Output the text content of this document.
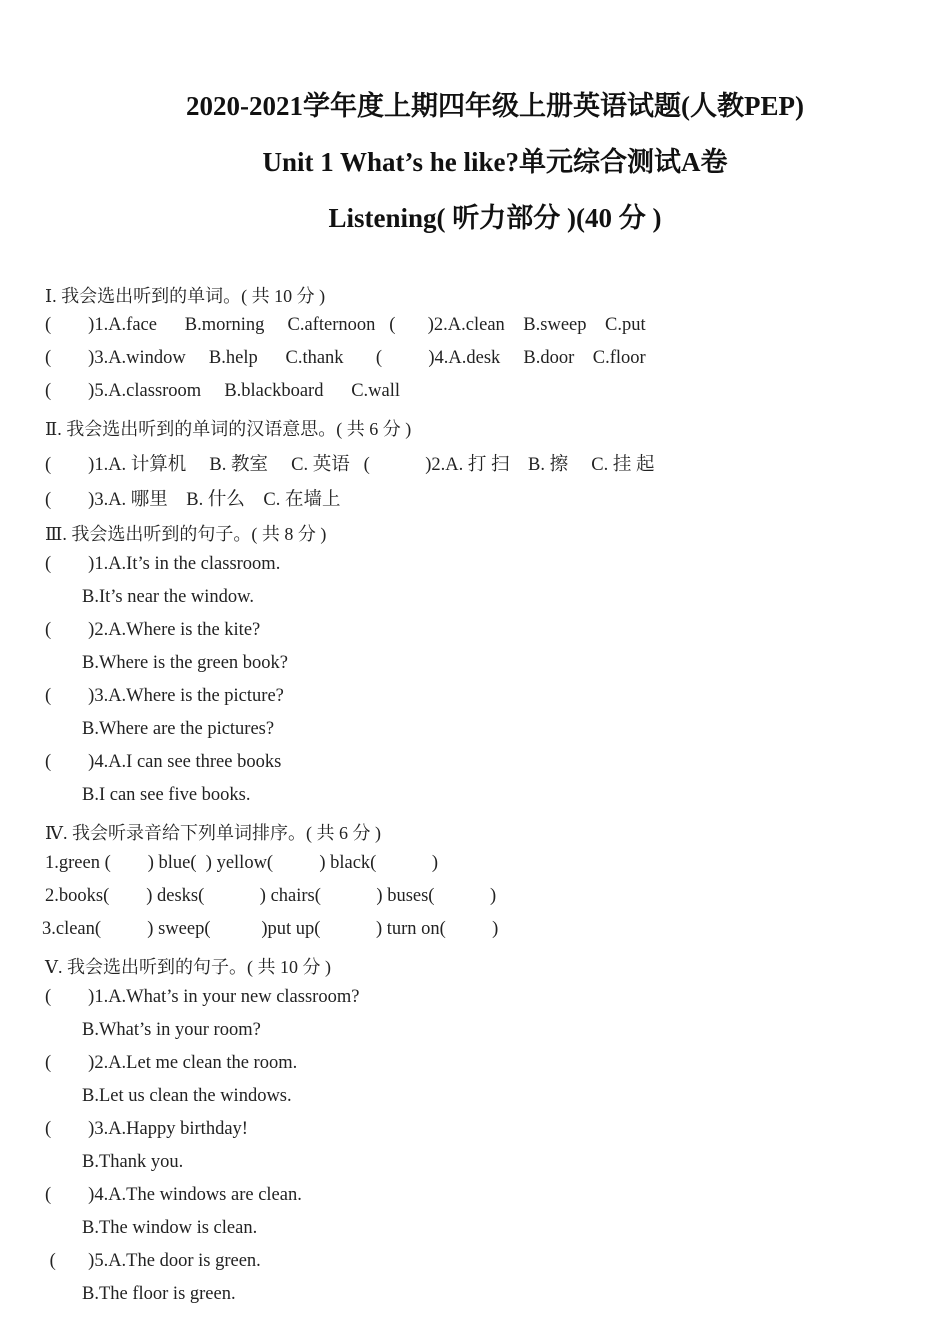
2020-2021学年度上期四年级上册英语试题(人教PEP)
Unit 1 What’s he like?单元综合测试A卷
Listening( 听力部分 )(40 分 )
Ⅰ. 我会选出听到的单词。( 共 10 分 )
(        )1.A.face      B.morning     C.afternoon   (       )2.A.clean    B.sweep    C.put
(        )3.A.window     B.help      C.thank       (          )4.A.desk     B.door    C.floor
(        )5.A.classroom     B.blackboard      C.wall
Ⅱ. 我会选出听到的单词的汉语意思。( 共 6 分 )
(        )1.A. 计算机     B. 教室     C. 英语   (            )2.A. 打 扫    B. 擦     C. 挂 起
(        )3.A. 哪里    B. 什么    C. 在墙上
Ⅲ. 我会选出听到的句子。( 共 8 分 )
(        )1.A.It’s in the classroom.
B.It’s near the window.
(        )2.A.Where is the kite?
B.Where is the green book?
(        )3.A.Where is the picture?
B.Where are the pictures?
(        )4.A.I can see three books
B.I can see five books.
Ⅳ. 我会听录音给下列单词排序。( 共 6 分 )
1.green (        ) blue(  ) yellow(          ) black(            )
2.books(        ) desks(            ) chairs(            ) buses(            )
3.clean(          ) sweep(           )put up(            ) turn on(          )
Ⅴ. 我会选出听到的句子。( 共 10 分 )
(        )1.A.What’s in your new classroom?
B.What’s in your room?
(        )2.A.Let me clean the room.
B.Let us clean the windows.
(        )3.A.Happy birthday!
B.Thank you.
(        )4.A.The windows are clean.
B.The window is clean.
(       )5.A.The door is green.
B.The floor is green.
